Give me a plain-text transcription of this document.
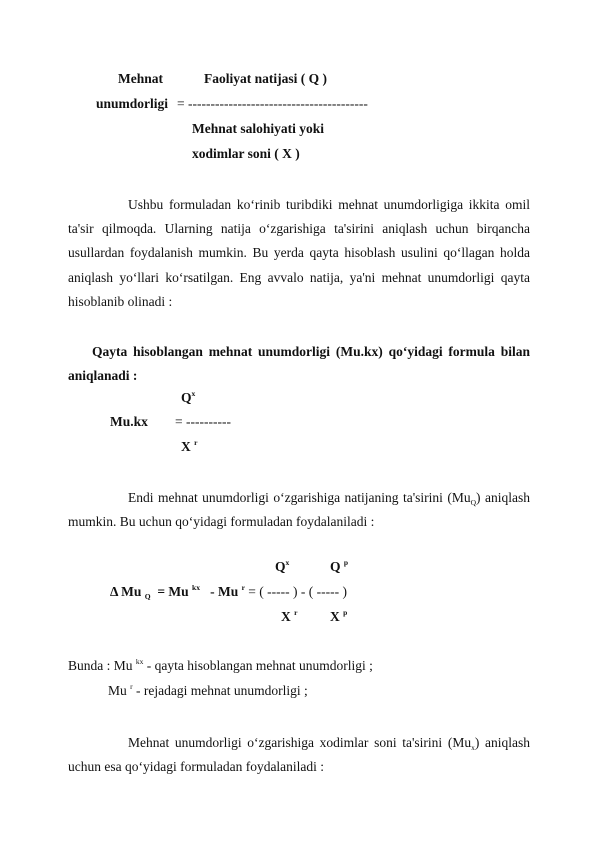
Mehnat	Faoliyat natijasi ( Q )
unumdorligi = ----------------------------------------
Mehnat salohiyati yoki
xodimlar soni ( X )
Ushbu formuladan ko‘rinib turibdiki mehnat unumdorligiga ikkita omil ta'sir qilmoqda. Ularning natija o‘zgarishiga ta'sirini aniqlash uchun birqancha usullardan foydalanish mumkin. Bu yerda qayta hisoblash usulini qo‘llagan holda aniqlash yo‘llari ko‘rsatilgan. Eng avvalo natija, ya'ni mehnat unumdorligi qayta hisoblanib olinadi :
Qayta hisoblangan mehnat unumdorligi (Mu.kx) qo‘yidagi formula bilan aniqlanadi :
$Q^x$
Mu.kx = ----------
X $^r$
Endi mehnat unumdorligi o‘zgarishiga natijaning ta'sirini $(Mu_Q)$ aniqlash mumkin. Bu uchun qo‘yidagi formuladan foydalaniladi :
$Q^x$	Q $^p$
Δ Mu $_Q$ = Mu $^{kx}$ - Mu $^r$ = ( ----- ) - ( ----- )
X $^r$ X $^p$
Bunda : Mu $^{kx}$ - qayta hisoblangan mehnat unumdorligi ;
Mu $^r$ - rejadagi mehnat unumdorligi ;
Mehnat unumdorligi o‘zgarishiga xodimlar soni ta'sirini $(Mu_x)$ aniqlash uchun esa qo‘yidagi formuladan foydalaniladi :
